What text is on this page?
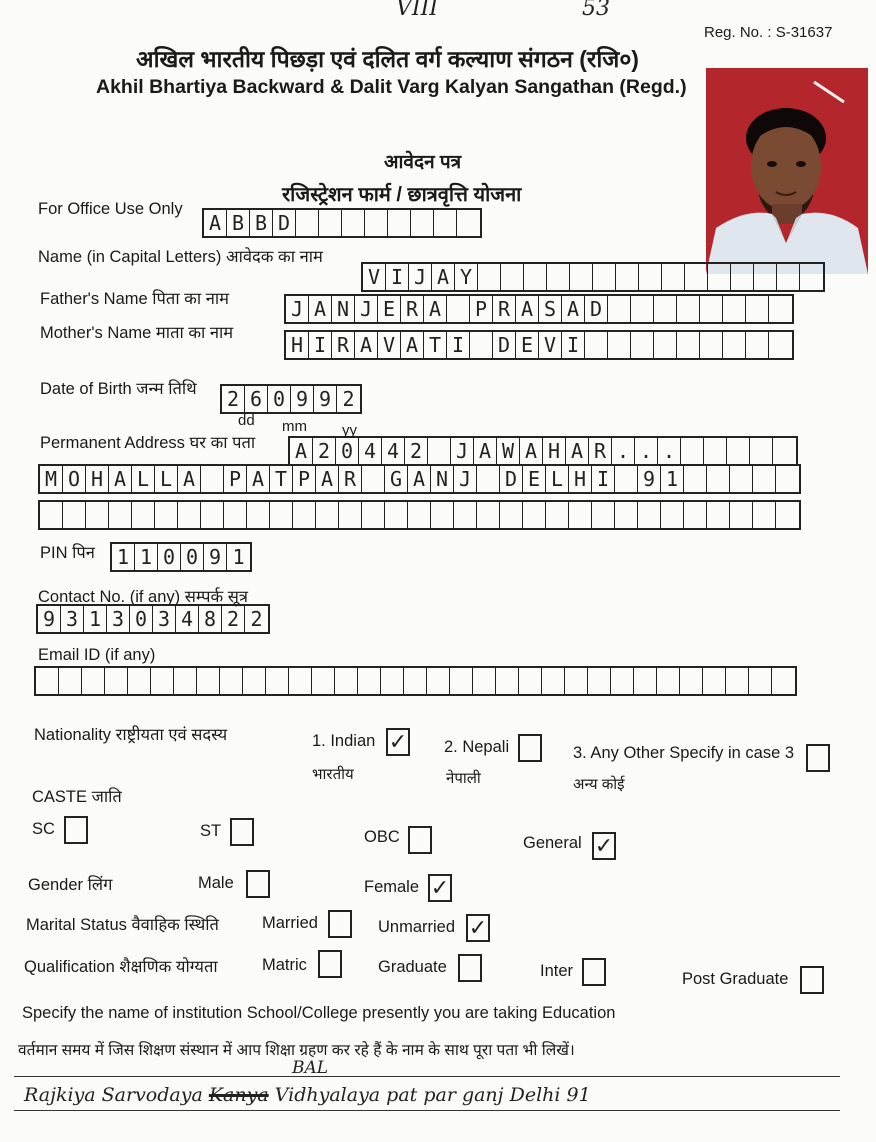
VIII	53
Reg. No. : S-31637
अखिल भारतीय पिछड़ा एवं दलित वर्ग कल्याण संगठन (रजि०)
Akhil Bhartiya Backward & Dalit Varg Kalyan Sangathan (Regd.)
आवेदन पत्र
रजिस्ट्रेशन फार्म / छात्रवृत्ति योजना
For Office Use Only
A B B D
Name (in Capital Letters) आवेदक का नाम
V I J A Y
Father's Name पिता का नाम	J A N J E R A P R A S A D
Mother's Name माता का नाम	H I R A V A T I D E V I
Date of Birth जन्म तिथि 2 6 0 9 9 2
dd mm yy
Permanent Address घर का पता A 2 0 4 4 2 J A W A H A R . . .
M O H A L L A P A T P A R G A N J D E L H I 9 1
PIN पिन 1 1 0 0 9 1
Contact No. (if any) सम्पर्क सूत्र
9 3 1 3 0 3 4 8 2 2
Email ID (if any)
Nationality राष्ट्रीयता एवं सदस्य	1. Indian ✓
भारतीय
2. Nepali
नेपाली
3. Any Other Specify in case 3
अन्य कोई
CASTE जाति
SC	ST	OBC	General ✓
Gender लिंग	Male	Female ✓
Marital Status वैवाहिक स्थिति	Married	Unmarried ✓
Qualification शैक्षणिक योग्यता	Matric	Graduate	Inter	Post Graduate
Specify the name of institution School/College presently you are taking Education
वर्तमान समय में जिस शिक्षण संस्थान में आप शिक्षा ग्रहण कर रहे हैं के नाम के साथ पूरा पता भी लिखें।
BAL
Rajkiya Sarvodaya Kanya Vidhyalaya pat par ganj Delhi 91
